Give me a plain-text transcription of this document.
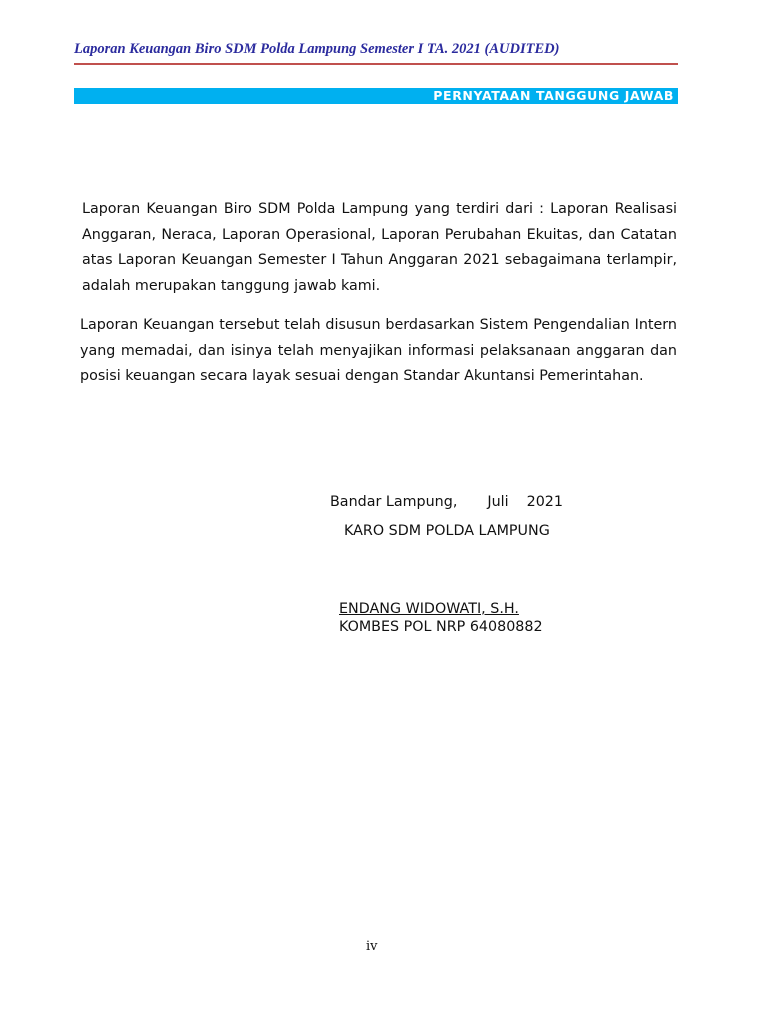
Laporan Keuangan Biro SDM Polda Lampung Semester I TA. 2021 (AUDITED)
PERNYATAAN TANGGUNG JAWAB

Laporan Keuangan Biro SDM Polda Lampung yang terdiri dari : Laporan Realisasi Anggaran, Neraca, Laporan Operasional, Laporan Perubahan Ekuitas, dan Catatan atas Laporan Keuangan Semester I Tahun Anggaran 2021 sebagaimana terlampir, adalah merupakan tanggung jawab kami.

Laporan Keuangan tersebut telah disusun berdasarkan Sistem Pengendalian Intern yang memadai, dan isinya telah menyajikan informasi pelaksanaan anggaran dan posisi keuangan secara layak sesuai dengan Standar Akuntansi Pemerintahan.

Bandar Lampung, Juli 2021
KARO SDM POLDA LAMPUNG
ENDANG WIDOWATI, S.H.
KOMBES POL NRP 64080882
iv
